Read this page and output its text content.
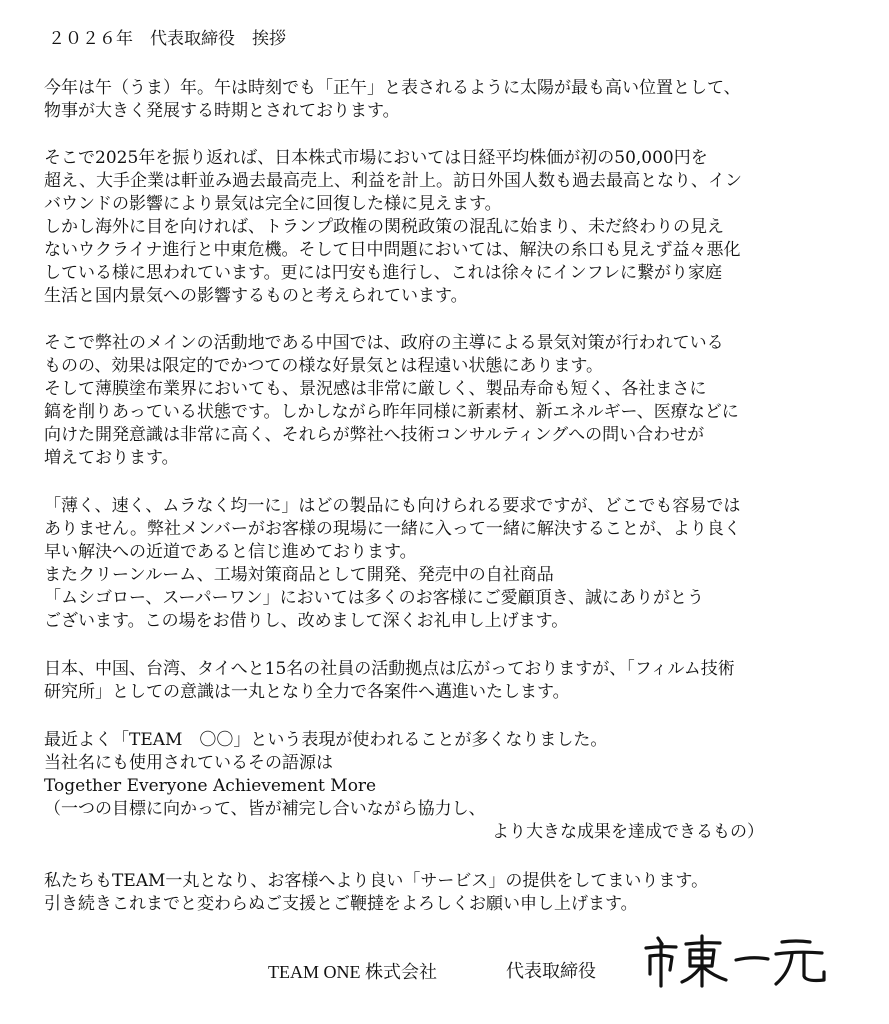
２０２６年　代表取締役　挨拶
今年は午（うま）年。午は時刻でも「正午」と表されるように太陽が最も高い位置として、
物事が大きく発展する時期とされております。
そこで2025年を振り返れば、日本株式市場においては日経平均株価が初の50,000円を
超え、大手企業は軒並み過去最高売上、利益を計上。訪日外国人数も過去最高となり、イン
バウンドの影響により景気は完全に回復した様に見えます。
しかし海外に目を向ければ、トランプ政権の関税政策の混乱に始まり、未だ終わりの見え
ないウクライナ進行と中東危機。そして日中問題においては、解決の糸口も見えず益々悪化
している様に思われています。更には円安も進行し、これは徐々にインフレに繋がり家庭
生活と国内景気への影響するものと考えられています。
そこで弊社のメインの活動地である中国では、政府の主導による景気対策が行われている
ものの、効果は限定的でかつての様な好景気とは程遠い状態にあります。
そして薄膜塗布業界においても、景況感は非常に厳しく、製品寿命も短く、各社まさに
鎬を削りあっている状態です。しかしながら昨年同様に新素材、新エネルギー、医療などに
向けた開発意識は非常に高く、それらが弊社へ技術コンサルティングへの問い合わせが
増えております。
「薄く、速く、ムラなく均一に」はどの製品にも向けられる要求ですが、どこでも容易では
ありません。弊社メンバーがお客様の現場に一緒に入って一緒に解決することが、より良く
早い解決への近道であると信じ進めております。
またクリーンルーム、工場対策商品として開発、発売中の自社商品
「ムシゴロー、スーパーワン」においては多くのお客様にご愛顧頂き、誠にありがとう
ございます。この場をお借りし、改めまして深くお礼申し上げます。
日本、中国、台湾、タイへと15名の社員の活動拠点は広がっておりますが、「フィルム技術
研究所」としての意識は一丸となり全力で各案件へ邁進いたします。
最近よく「TEAM　〇〇」という表現が使われることが多くなりました。
当社名にも使用されているその語源は
Together Everyone Achievement More
（一つの目標に向かって、皆が補完し合いながら協力し、
より大きな成果を達成できるもの）
私たちもTEAM一丸となり、お客様へより良い「サービス」の提供をしてまいります。
引き続きこれまでと変わらぬご支援とご鞭撻をよろしくお願い申し上げます。
TEAM ONE 株式会社	代表取締役
